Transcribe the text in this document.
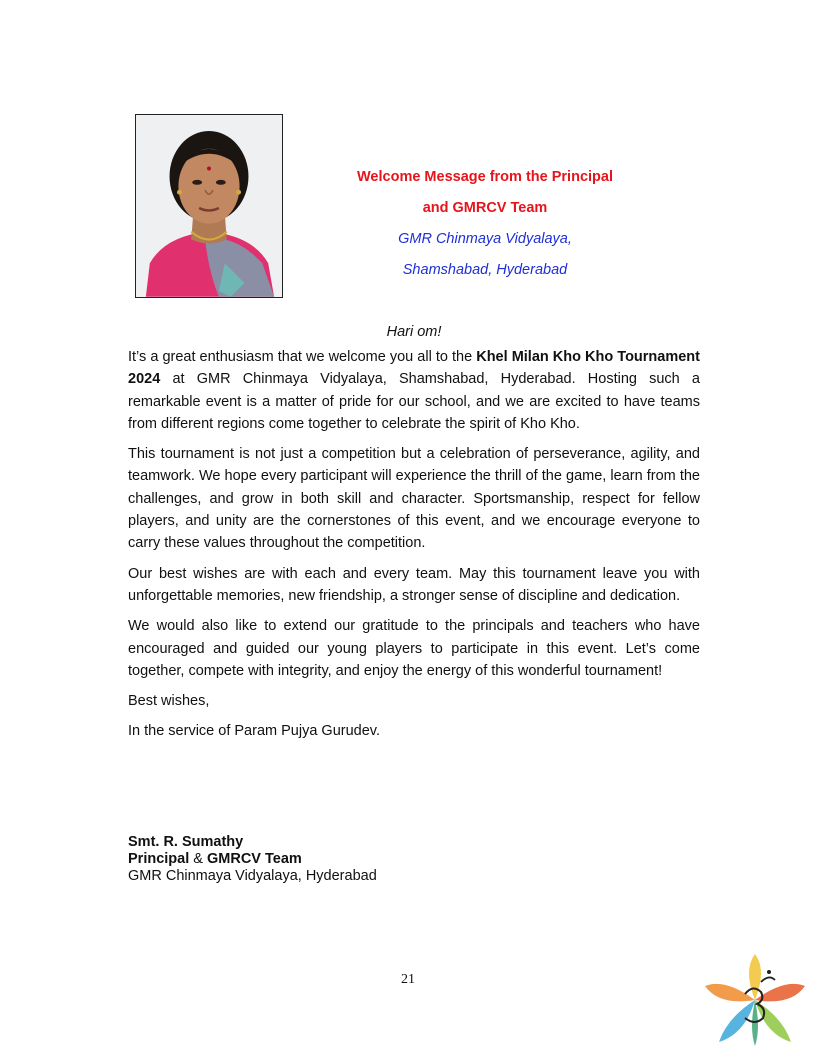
Welcome Message from the Principal
and GMRCV Team
GMR Chinmaya Vidyalaya,
Shamshabad, Hyderabad
Hari om!

It’s a great enthusiasm that we welcome you all to the Khel Milan Kho Kho Tournament 2024 at GMR Chinmaya Vidyalaya, Shamshabad, Hyderabad. Hosting such a remarkable event is a matter of pride for our school, and we are excited to have teams from different regions come together to celebrate the spirit of Kho Kho.

This tournament is not just a competition but a celebration of perseverance, agility, and teamwork. We hope every participant will experience the thrill of the game, learn from the challenges, and grow in both skill and character. Sportsmanship, respect for fellow players, and unity are the cornerstones of this event, and we encourage everyone to carry these values throughout the competition.

Our best wishes are with each and every team. May this tournament leave you with unforgettable memories, new friendship, a stronger sense of discipline and dedication.

We would also like to extend our gratitude to the principals and teachers who have encouraged and guided our young players to participate in this event. Let’s come together, compete with integrity, and enjoy the energy of this wonderful tournament!

Best wishes,

In the service of Param Pujya Gurudev.

Smt. R. Sumathy
Principal & GMRCV Team
GMR Chinmaya Vidyalaya, Hyderabad
21
